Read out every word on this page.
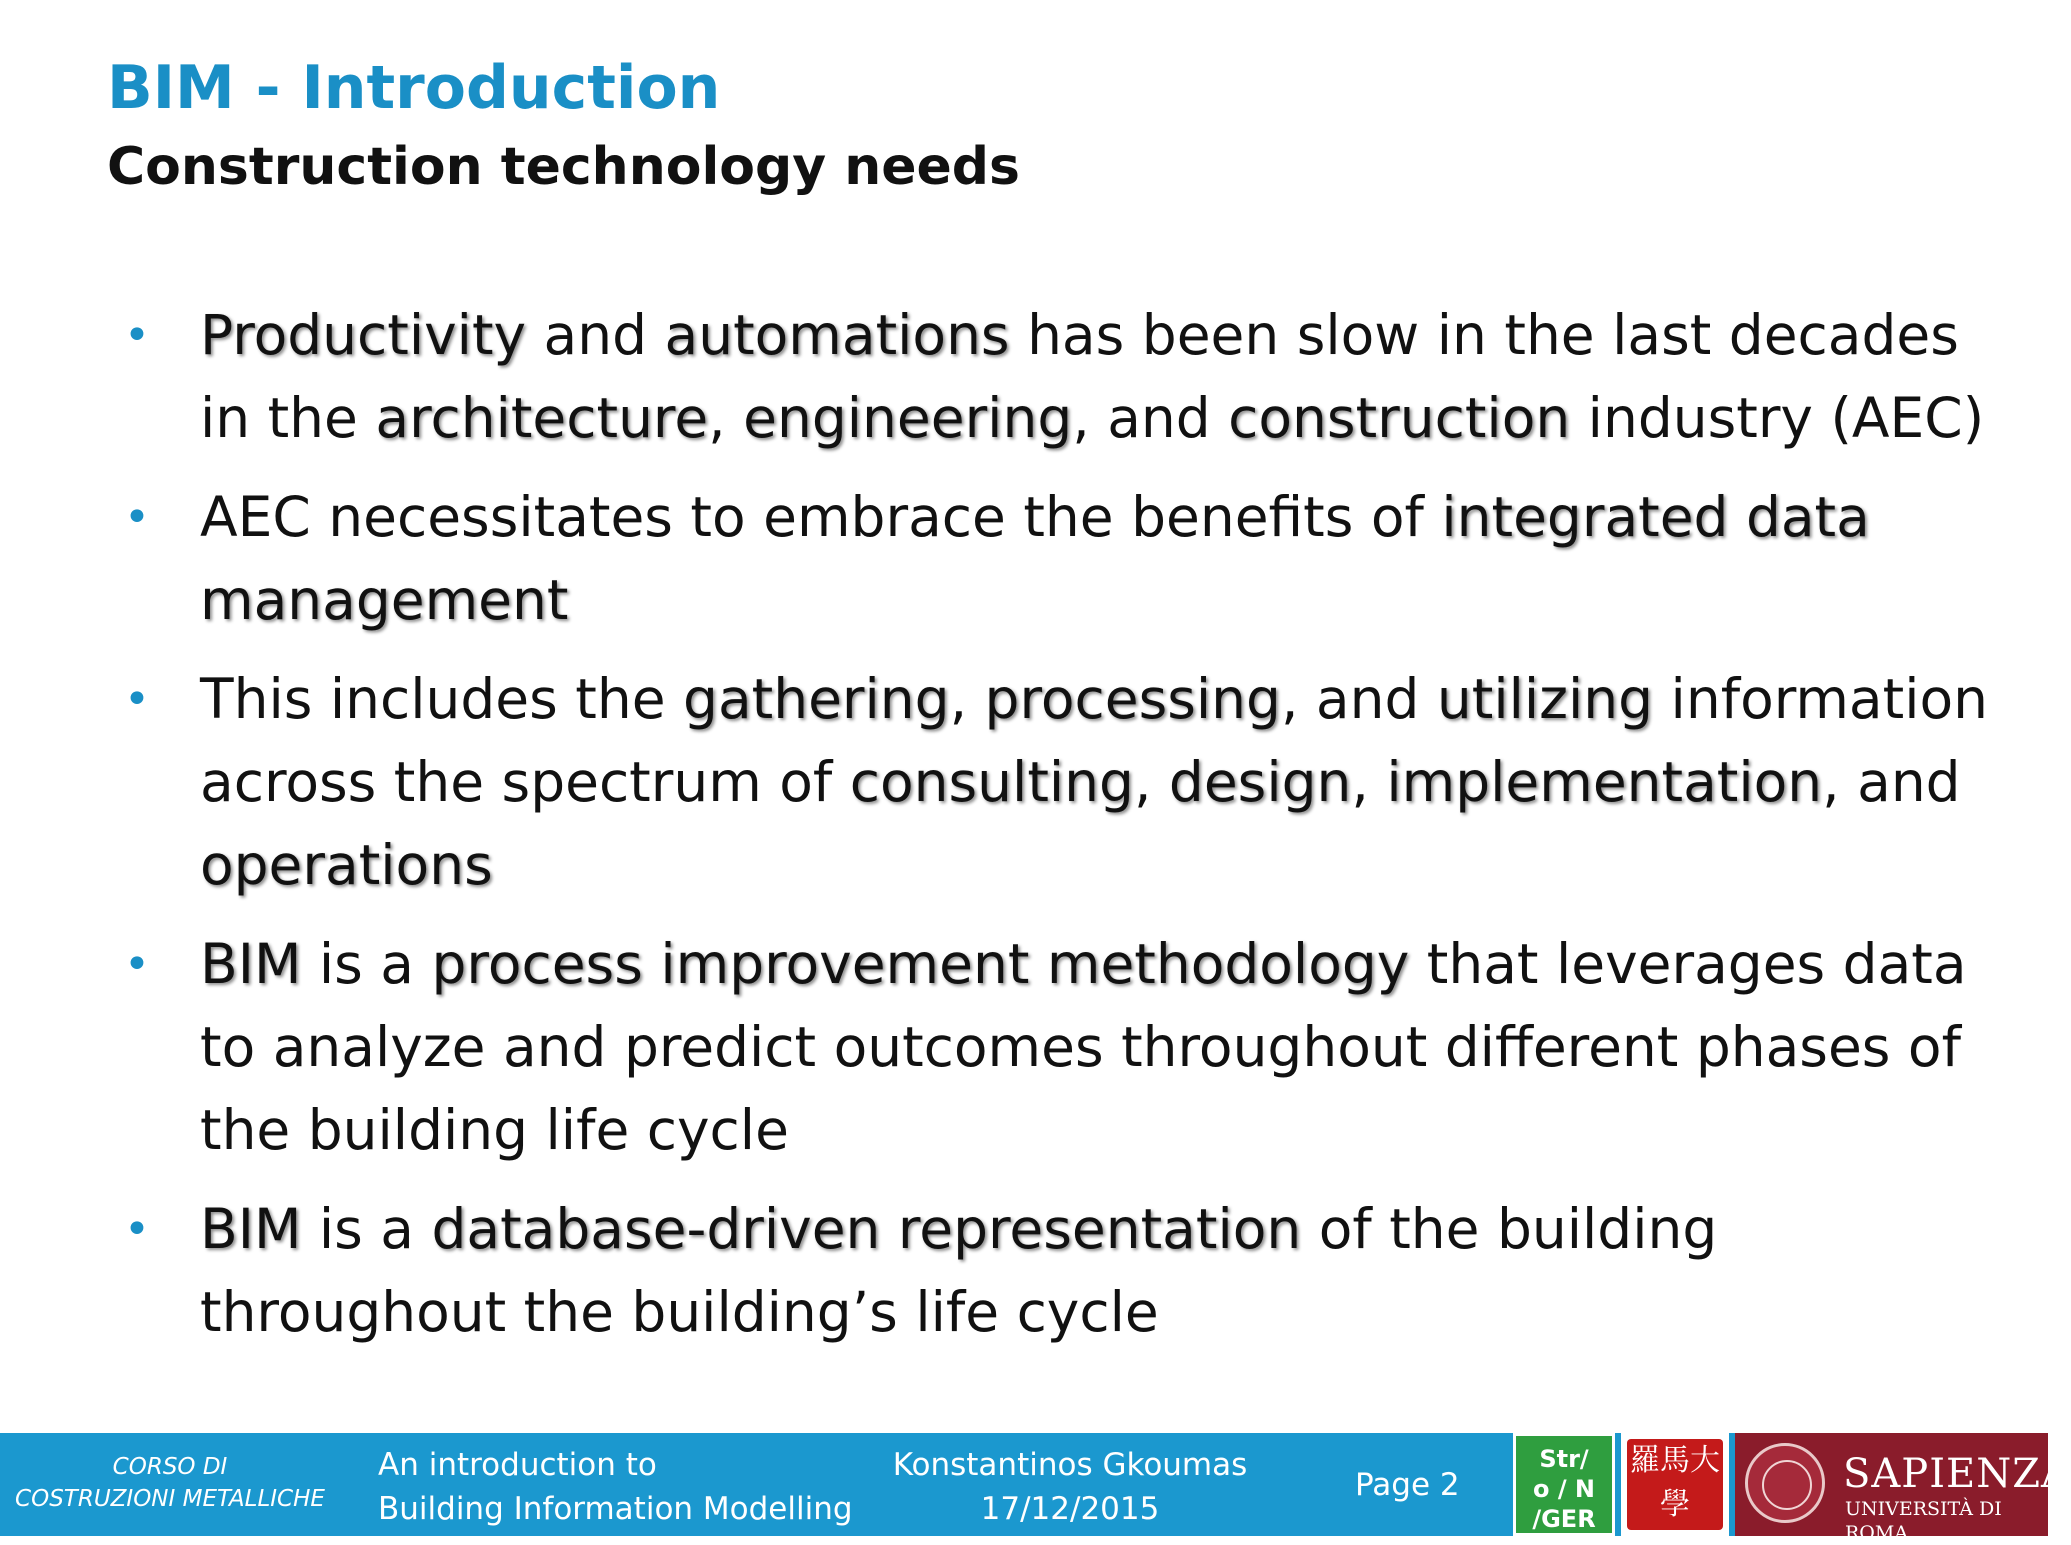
BIM - Introduction
Construction technology needs
• Productivity and automations has been slow in the last decades
in the architecture, engineering, and construction industry (AEC)
• AEC necessitates to embrace the benefits of integrated data
management
• This includes the gathering, processing, and utilizing information
across the spectrum of consulting, design, implementation, and
operations
• BIM is a process improvement methodology that leverages data
to analyze and predict outcomes throughout different phases of
the building life cycle
• BIM is a database-driven representation of the building
throughout the building’s life cycle
CORSO DI
COSTRUZIONI METALLICHE
An introduction to
Building Information Modelling
Konstantinos Gkoumas
17/12/2015
Page 2
Str/
o / N
/GER
羅馬大學
SAPIENZA
UNIVERSITÀ DI ROMA
